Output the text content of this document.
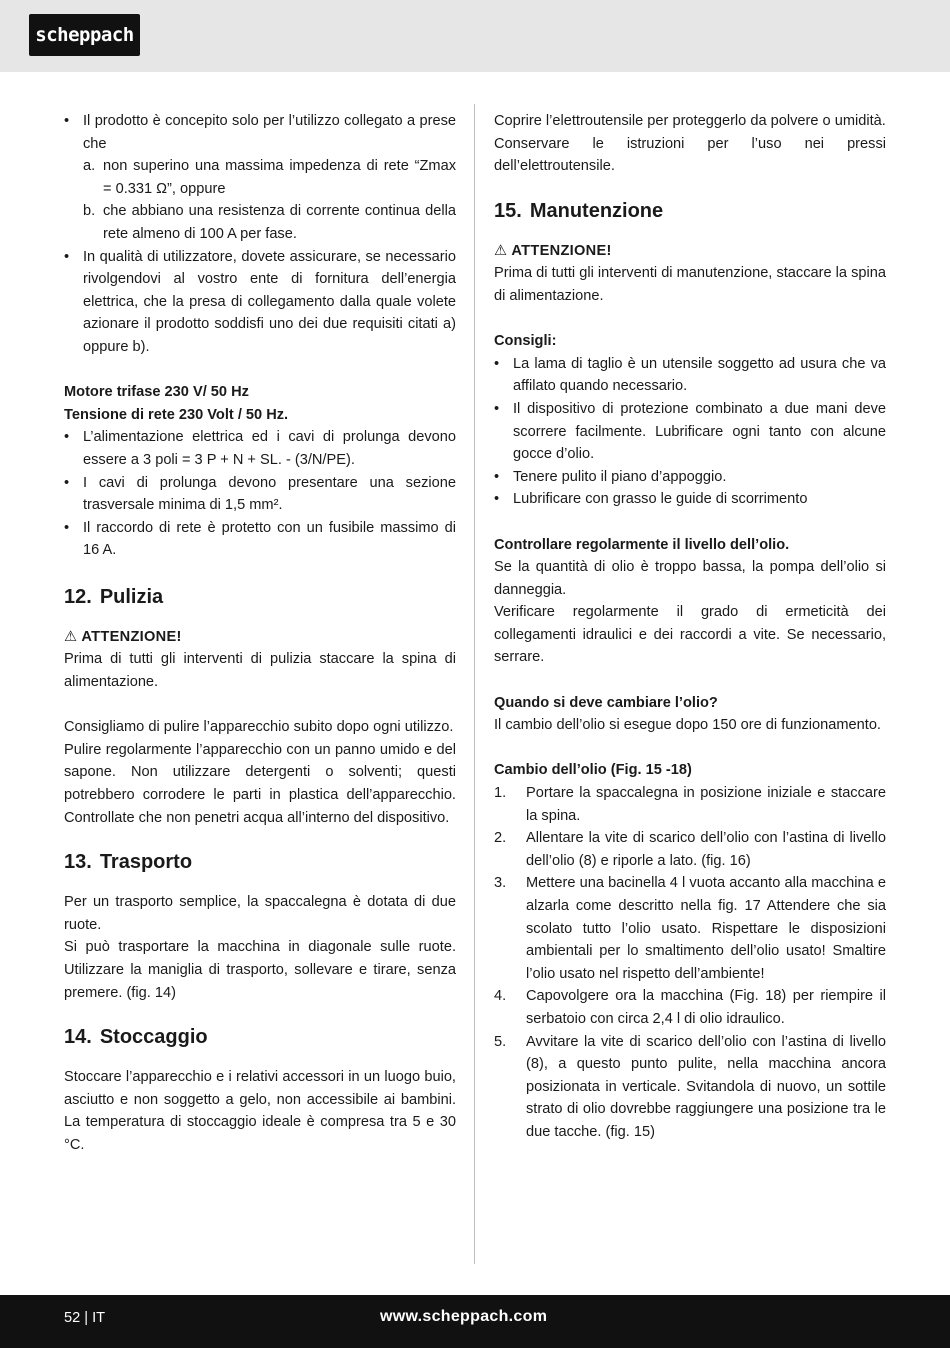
scheppach
• Il prodotto è concepito solo per l’utilizzo collegato a prese che
a. non superino una massima impedenza di rete “Zmax = 0.331 Ω”, oppure
b. che abbiano una resistenza di corrente continua della rete almeno di 100 A per fase.
• In qualità di utilizzatore, dovete assicurare, se necessario rivolgendovi al vostro ente di fornitura dell’energia elettrica, che la presa di collegamento dalla quale volete azionare il prodotto soddisfi uno dei due requisiti citati a) oppure b).
Motore trifase 230 V/ 50 Hz
Tensione di rete 230 Volt / 50 Hz.
• L’alimentazione elettrica ed i cavi di prolunga devono essere a 3 poli = 3 P + N + SL. - (3/N/PE).
• I cavi di prolunga devono presentare una sezione trasversale minima di 1,5 mm².
• Il raccordo di rete è protetto con un fusibile massimo di 16 A.
12. Pulizia
⚠ ATTENZIONE!

Prima di tutti gli interventi di pulizia staccare la spina di alimentazione.

Consigliamo di pulire l’apparecchio subito dopo ogni utilizzo.

Pulire regolarmente l’apparecchio con un panno umido e del sapone. Non utilizzare detergenti o solventi; questi potrebbero corrodere le parti in plastica dell’apparecchio. Controllate che non penetri acqua all’interno del dispositivo.

13. Trasporto

Per un trasporto semplice, la spaccalegna è dotata di due ruote.

Si può trasportare la macchina in diagonale sulle ruote. Utilizzare la maniglia di trasporto, sollevare e tirare, senza premere. (fig. 14)

14. Stoccaggio

Stoccare l’apparecchio e i relativi accessori in un luogo buio, asciutto e non soggetto a gelo, non accessibile ai bambini. La temperatura di stoccaggio ideale è compresa tra 5 e 30 °C.

Coprire l’elettroutensile per proteggerlo da polvere o umidità.

Conservare le istruzioni per l’uso nei pressi dell’elettroutensile.

15. Manutenzione
⚠ ATTENZIONE!

Prima di tutti gli interventi di manutenzione, staccare la spina di alimentazione.

Consigli:
• La lama di taglio è un utensile soggetto ad usura che va affilato quando necessario.
• Il dispositivo di protezione combinato a due mani deve scorrere facilmente. Lubrificare ogni tanto con alcune gocce d’olio.
• Tenere pulito il piano d’appoggio.
• Lubrificare con grasso le guide di scorrimento
Controllare regolarmente il livello dell’olio.

Se la quantità di olio è troppo bassa, la pompa dell’olio si danneggia.

Verificare regolarmente il grado di ermeticità dei collegamenti idraulici e dei raccordi a vite. Se necessario, serrare.

Quando si deve cambiare l’olio?

Il cambio dell’olio si esegue dopo 150 ore di funzionamento.

Cambio dell’olio (Fig. 15 -18)
1.	Portare la spaccalegna in posizione iniziale e staccare la spina.
2.	Allentare la vite di scarico dell’olio con l’astina di livello dell’olio (8) e riporle a lato. (fig. 16)
3.	Mettere una bacinella 4 l vuota accanto alla macchina e alzarla come descritto nella fig. 17 Attendere che sia scolato tutto l’olio usato. Rispettare le disposizioni ambientali per lo smaltimento dell’olio usato! Smaltire l’olio usato nel rispetto dell’ambiente!
4.	Capovolgere ora la macchina (Fig. 18) per riempire il serbatoio con circa 2,4 l di olio idraulico.
5.	Avvitare la vite di scarico dell’olio con l’astina di livello (8), a questo punto pulite, nella macchina ancora posizionata in verticale. Svitandola di nuovo, un sottile strato di olio dovrebbe raggiungere una posizione tra le due tacche. (fig. 15)
52 | IT	www.scheppach.com
